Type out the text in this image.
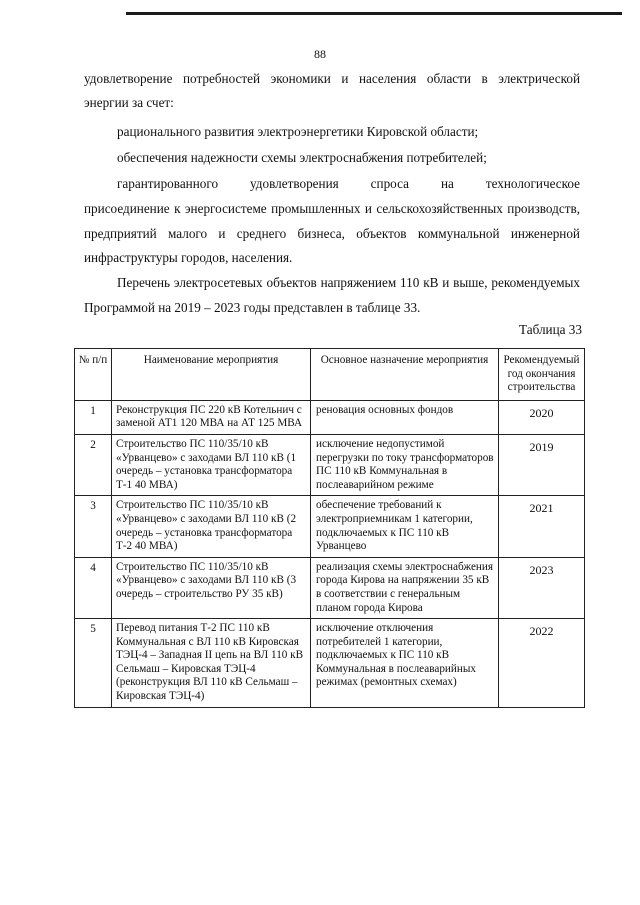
88
удовлетворение потребностей экономики и населения области в электрической
энергии за счет:
рационального развития электроэнергетики Кировской области;
обеспечения надежности схемы электроснабжения потребителей;
гарантированного удовлетворения спроса на технологическое
присоединение к энергосистеме промышленных и сельскохозяйственных производств, предприятий малого и среднего бизнеса, объектов коммунальной инженерной инфраструктуры городов, населения.
Перечень электросетевых объектов напряжением 110 кВ и выше, рекомендуемых Программой на 2019 – 2023 годы представлен в таблице 33.
Таблица 33
№ п/п	Наименование мероприятия	Основное назначение мероприятия	Рекомендуемый год окончания строительства
1	Реконструкция ПС 220 кВ Котельнич с заменой АТ1 120 МВА на АТ 125 МВА	реновация основных фондов	2020
2	Строительство ПС 110/35/10 кВ «Урванцево» с заходами ВЛ 110 кВ (1 очередь – установка трансформатора Т-1 40 МВА)	исключение недопустимой перегрузки по току трансформаторов ПС 110 кВ Коммунальная в послеаварийном режиме	2019
3	Строительство ПС 110/35/10 кВ «Урванцево» с заходами ВЛ 110 кВ (2 очередь – установка трансформатора Т-2 40 МВА)	обеспечение требований к электроприемникам 1 категории, подключаемых к ПС 110 кВ Урванцево	2021
4	Строительство ПС 110/35/10 кВ «Урванцево» с заходами ВЛ 110 кВ (3 очередь – строительство РУ 35 кВ)	реализация схемы электроснабжения города Кирова на напряжении 35 кВ в соответствии с генеральным планом города Кирова	2023
5	Перевод питания Т-2 ПС 110 кВ Коммунальная с ВЛ 110 кВ Кировская ТЭЦ-4 – Западная II цепь на ВЛ 110 кВ Сельмаш – Кировская ТЭЦ-4 (реконструкция ВЛ 110 кВ Сельмаш – Кировская ТЭЦ-4)	исключение отключения потребителей 1 категории, подключаемых к ПС 110 кВ Коммунальная в послеаварийных режимах (ремонтных схемах)	2022
